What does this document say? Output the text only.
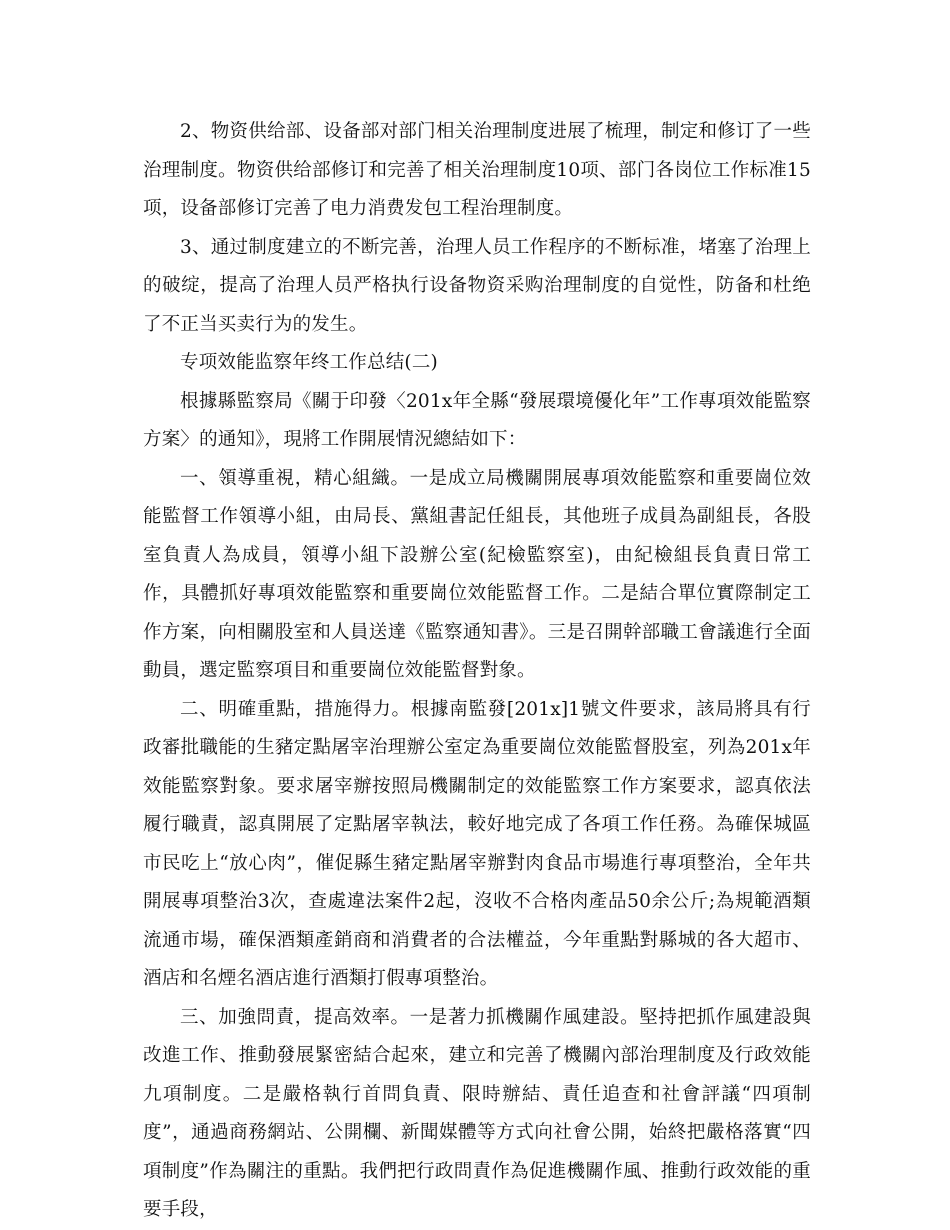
2、物资供给部、设备部对部门相关治理制度进展了梳理，制定和修订了一些治理制度。物资供给部修订和完善了相关治理制度10项、部门各岗位工作标准15项，设备部修订完善了电力消费发包工程治理制度。

3、通过制度建立的不断完善，治理人员工作程序的不断标准，堵塞了治理上的破绽，提高了治理人员严格执行设备物资采购治理制度的自觉性，防备和杜绝了不正当买卖行为的发生。

专项效能监察年终工作总结(二)

根據縣監察局《關于印發〈201x年全縣“發展環境優化年”工作專項效能監察方案〉的通知》，現將工作開展情況總結如下：

一、領導重視，精心組織。一是成立局機關開展專項效能監察和重要崗位效能監督工作領導小組，由局長、黨組書記任組長，其他班子成員為副組長，各股室負責人為成員，領導小組下設辦公室(紀檢監察室)，由紀檢組長負責日常工作，具體抓好專項效能監察和重要崗位效能監督工作。二是結合單位實際制定工作方案，向相關股室和人員送達《監察通知書》。三是召開幹部職工會議進行全面動員，選定監察項目和重要崗位效能監督對象。

二、明確重點，措施得力。根據南監發[201x]1號文件要求，該局將具有行政審批職能的生豬定點屠宰治理辦公室定為重要崗位效能監督股室，列為201x年效能監察對象。要求屠宰辦按照局機關制定的效能監察工作方案要求，認真依法履行職責，認真開展了定點屠宰執法，較好地完成了各項工作任務。為確保城區市民吃上“放心肉”，催促縣生豬定點屠宰辦對肉食品市場進行專項整治，全年共開展專項整治3次，查處違法案件2起，沒收不合格肉產品50余公斤;為規範酒類流通市場，確保酒類產銷商和消費者的合法權益，今年重點對縣城的各大超市、酒店和名煙名酒店進行酒類打假專項整治。

三、加強問責，提高效率。一是著力抓機關作風建設。堅持把抓作風建設與改進工作、推動發展緊密結合起來，建立和完善了機關內部治理制度及行政效能九項制度。二是嚴格執行首問負責、限時辦結、責任追查和社會評議“四項制度”，通過商務網站、公開欄、新聞媒體等方式向社會公開，始終把嚴格落實“四項制度”作為關注的重點。我們把行政問責作為促進機關作風、推動行政效能的重要手段，
